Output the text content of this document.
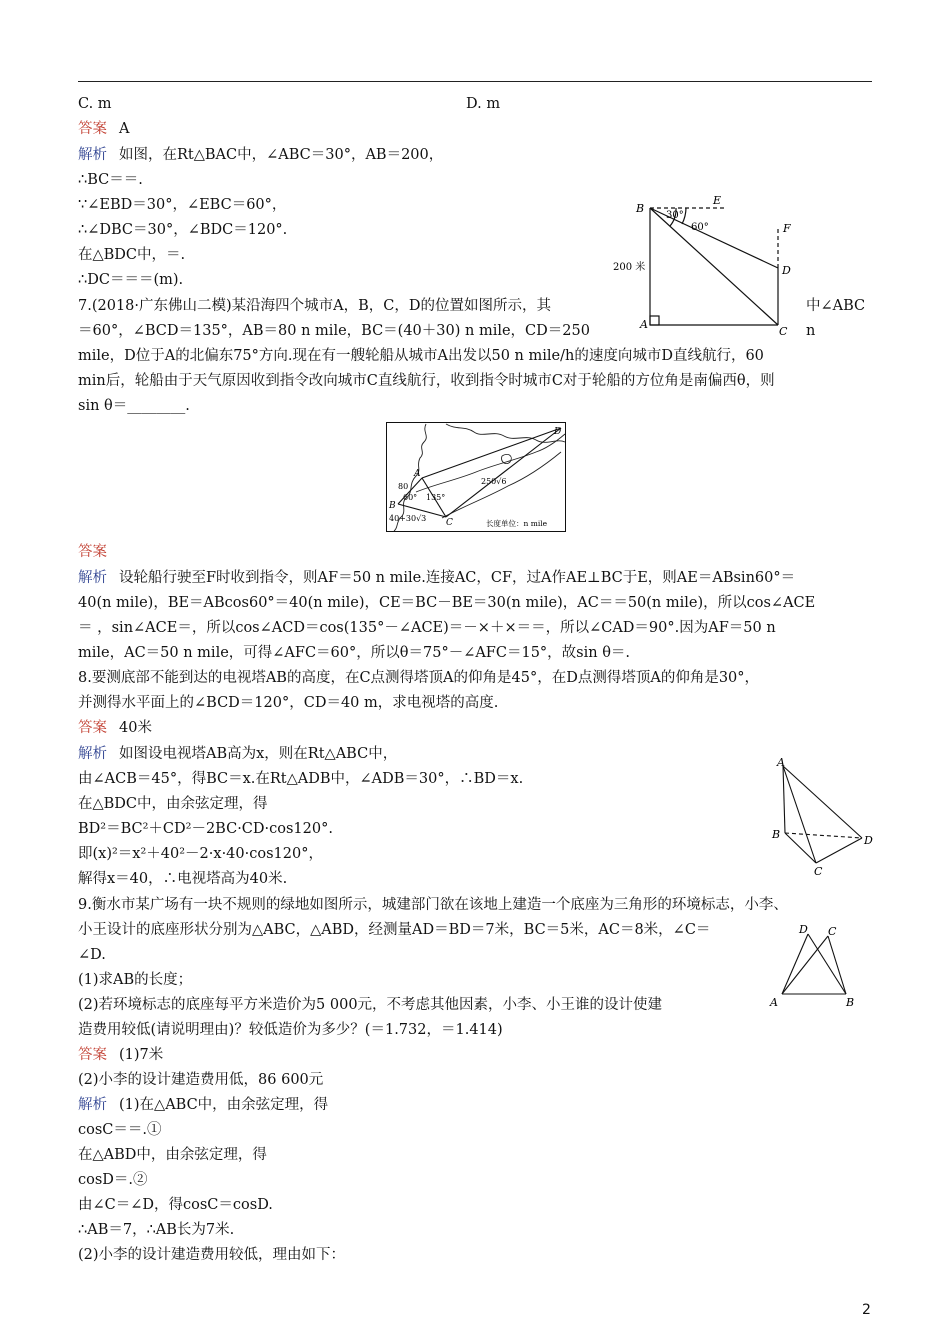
C. m	D. m
答案 A
解析 如图，在Rt△BAC中，∠ABC＝30°，AB＝200，
∴BC＝＝.
∵∠EBD＝30°，∠EBC＝60°，
∴∠DBC＝30°，∠BDC＝120°.
在△BDC中，＝.
∴DC＝＝＝(m).
B
E
F
D
A
C
30°
60°
200 米
7.(2018·广东佛山二模)某沿海四个城市A，B，C，D的位置如图所示，其	中∠ABC
＝60°，∠BCD＝135°，AB＝80 n mile，BC＝(40＋30) n mile，CD＝250	n
mile，D位于A的北偏东75°方向.现在有一艘轮船从城市A出发以50 n mile/h的速度向城市D直线航行，60
min后，轮船由于天气原因收到指令改向城市C直线航行，收到指令时城市C对于轮船的方位角是南偏西θ，则
sin θ＝________.
D
A
B
C
80
60° 135°
250√6
40+30√3
长度单位：n mile
答案
解析 设轮船行驶至F时收到指令，则AF＝50 n mile.连接AC，CF，过A作AE⊥BC于E，则AE＝ABsin60°＝
40(n mile)，BE＝ABcos60°＝40(n mile)，CE＝BC－BE＝30(n mile)，AC＝＝50(n mile)，所以cos∠ACE
＝ ，sin∠ACE＝，所以cos∠ACD＝cos(135°－∠ACE)＝－×＋×＝＝，所以∠CAD＝90°.因为AF＝50 n
mile，AC＝50 n mile，可得∠AFC＝60°，所以θ＝75°－∠AFC＝15°，故sin θ＝.
8.要测底部不能到达的电视塔AB的高度，在C点测得塔顶A的仰角是45°，在D点测得塔顶A的仰角是30°，
并测得水平面上的∠BCD＝120°，CD＝40 m，求电视塔的高度.
答案 40米
解析 如图设电视塔AB高为x，则在Rt△ABC中，
由∠ACB＝45°，得BC＝x.在Rt△ADB中，∠ADB＝30°，∴BD＝x.
在△BDC中，由余弦定理，得
BD²＝BC²＋CD²－2BC·CD·cos120°.
即(x)²＝x²＋40²－2·x·40·cos120°，
解得x＝40，∴电视塔高为40米.
A
B
C
D
9.衡水市某广场有一块不规则的绿地如图所示，城建部门欲在该地上建造一个底座为三角形的环境标志，小李、
小王设计的底座形状分别为△ABC，△ABD，经测量AD＝BD＝7米，BC＝5米，AC＝8米，∠C＝
∠D.
(1)求AB的长度；
(2)若环境标志的底座每平方米造价为5 000元，不考虑其他因素，小李、小王谁的设计使建
造费用较低(请说明理由)？较低造价为多少？(＝1.732，＝1.414)
答案 (1)7米
(2)小李的设计建造费用低，86 600元
解析 (1)在△ABC中，由余弦定理，得
cosC＝＝.①
在△ABD中，由余弦定理，得
cosD＝.②
由∠C＝∠D，得cosC＝cosD.
∴AB＝7，∴AB长为7米.
(2)小李的设计建造费用较低，理由如下：
D C
A	B
2
